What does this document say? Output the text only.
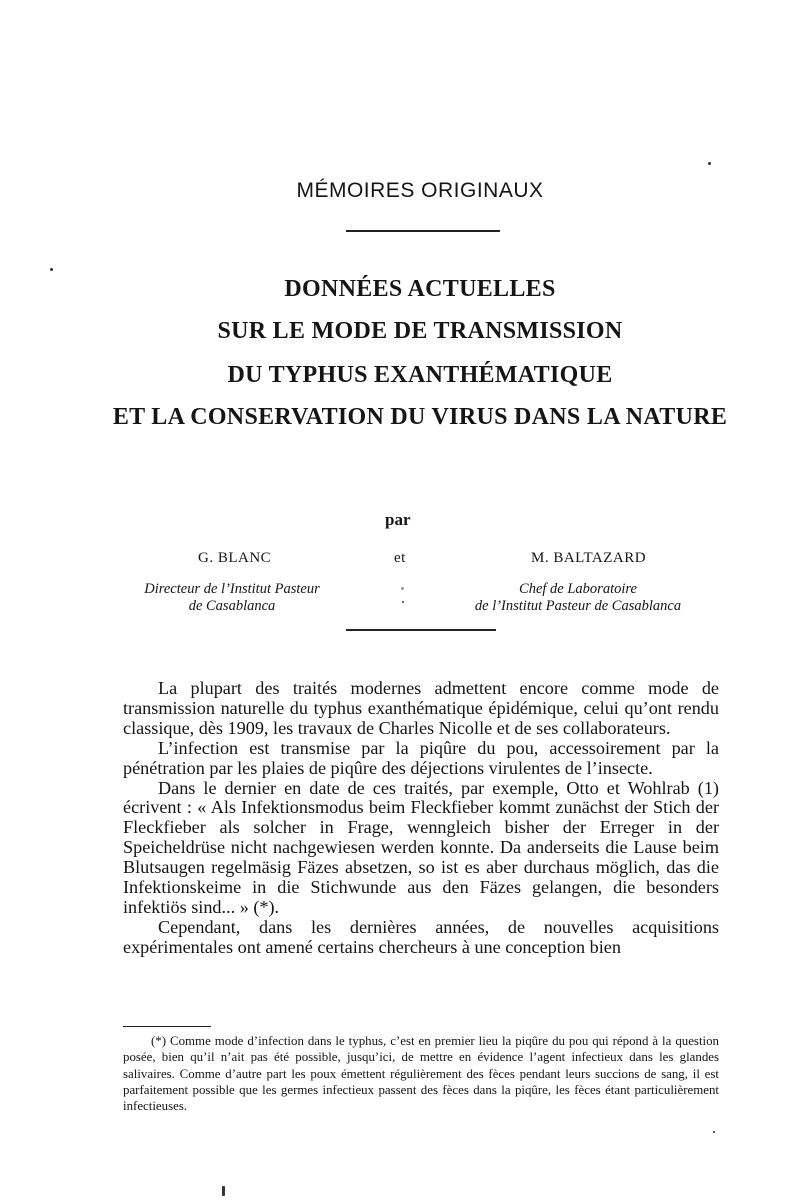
MÉMOIRES ORIGINAUX
DONNÉES ACTUELLES
SUR LE MODE DE TRANSMISSION
DU TYPHUS EXANTHÉMATIQUE
ET LA CONSERVATION DU VIRUS DANS LA NATURE
par
G. BLANC	et	M. BALTAZARD
Directeur de l’Institut Pasteur
de Casablanca
Chef de Laboratoire
de l’Institut Pasteur de Casablanca

La plupart des traités modernes admettent encore comme mode de transmission naturelle du typhus exanthématique épidémique, celui qu’ont rendu classique, dès 1909, les travaux de Charles Nicolle et de ses collaborateurs.

L’infection est transmise par la piqûre du pou, accessoirement par la pénétration par les plaies de piqûre des déjections virulentes de l’insecte.

Dans le dernier en date de ces traités, par exemple, Otto et Wohlrab (1) écrivent : « Als Infektionsmodus beim Fleckfieber kommt zunächst der Stich der Fleckfieber als solcher in Frage, wenngleich bisher der Erreger in der Speicheldrüse nicht nachgewiesen werden konnte. Da anderseits die Lause beim Blutsaugen regelmäsig Fäzes absetzen, so ist es aber durchaus möglich, das die Infektionskeime in die Stichwunde aus den Fäzes gelangen, die besonders infektiös sind... » (*).

Cependant, dans les dernières années, de nouvelles acquisitions expérimentales ont amené certains chercheurs à une conception bien

(*) Comme mode d’infection dans le typhus, c’est en premier lieu la piqûre du pou qui répond à la question posée, bien qu’il n’ait pas été possible, jusqu’ici, de mettre en évidence l’agent infectieux dans les glandes salivaires. Comme d’autre part les poux émettent régulièrement des fèces pendant leurs succions de sang, il est parfaitement possible que les germes infectieux passent des fèces dans la piqûre, les fèces étant particulièrement infectieuses.
